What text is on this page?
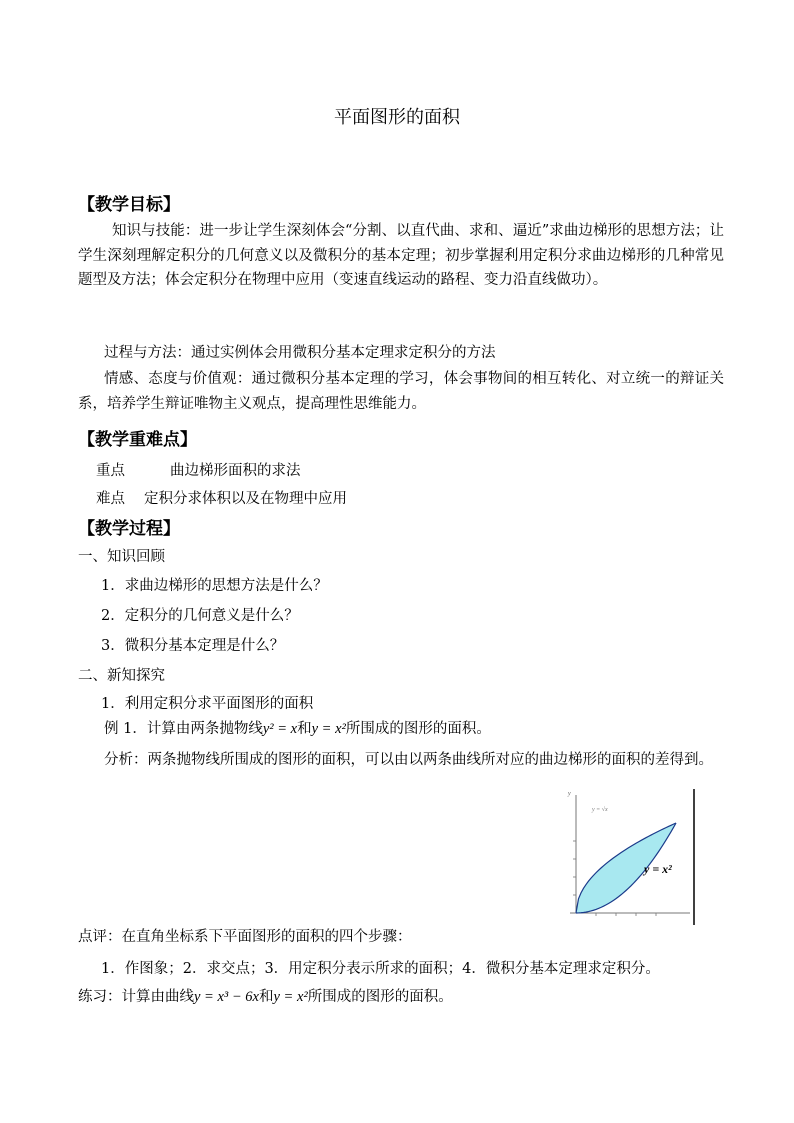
平面图形的面积
【教学目标】
知识与技能：进一步让学生深刻体会“分割、以直代曲、求和、逼近”求曲边梯形的思想方法；让学生深刻理解定积分的几何意义以及微积分的基本定理；初步掌握利用定积分求曲边梯形的几种常见题型及方法；体会定积分在物理中应用（变速直线运动的路程、变力沿直线做功）。
过程与方法：通过实例体会用微积分基本定理求定积分的方法
情感、态度与价值观：通过微积分基本定理的学习，体会事物间的相互转化、对立统一的辩证关系，培养学生辩证唯物主义观点，提高理性思维能力。
【教学重难点】
重点	曲边梯形面积的求法
难点 定积分求体积以及在物理中应用
【教学过程】
一、知识回顾
1．求曲边梯形的思想方法是什么？
2．定积分的几何意义是什么？
3．微积分基本定理是什么？
二、新知探究
1．利用定积分求平面图形的面积
例 1．计算由两条抛物线y² = x和y = x²所围成的图形的面积。
分析：两条抛物线所围成的图形的面积，可以由以两条曲线所对应的曲边梯形的面积的差得到。
y
y = √x
y = x²
点评：在直角坐标系下平面图形的面积的四个步骤：
1．作图象；2．求交点；3．用定积分表示所求的面积；4．微积分基本定理求定积分。
练习：计算由曲线y = x³ − 6x和y = x²所围成的图形的面积。
